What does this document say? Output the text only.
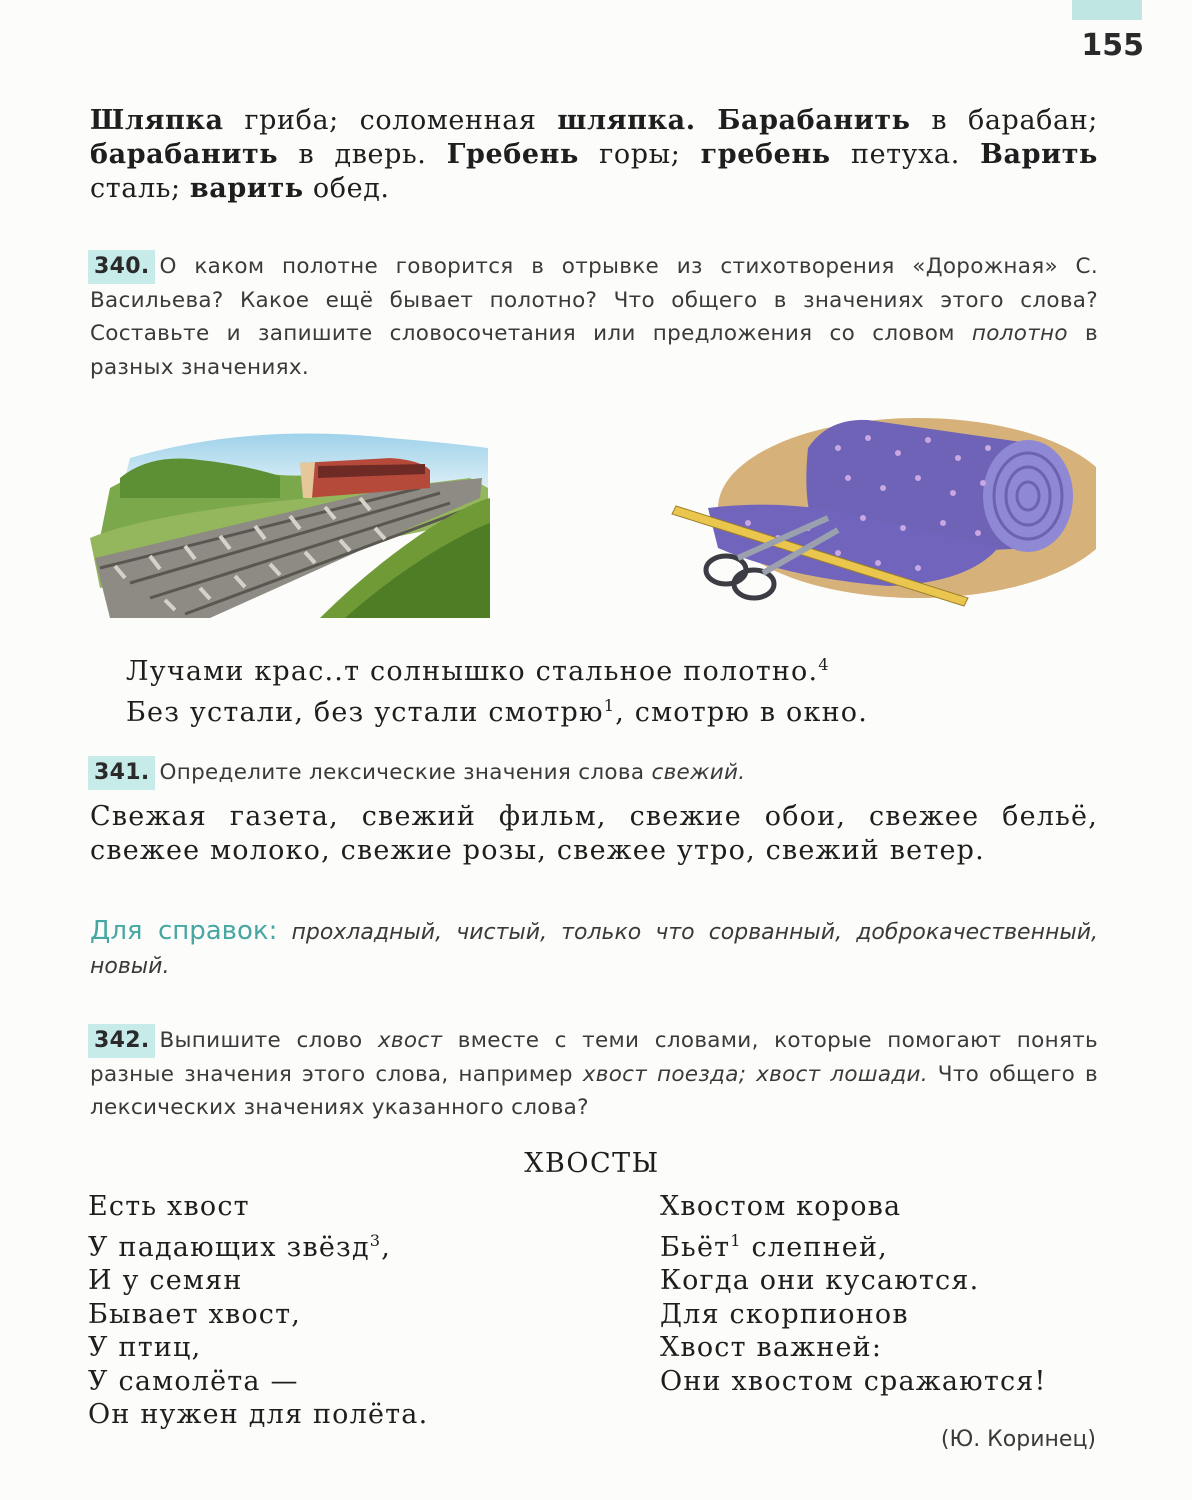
155
Шляпка гриба; соломенная шляпка. Барабанить в барабан; барабанить в дверь. Гребень горы; гребень петуха. Варить сталь; варить обед.
340. О каком полотне говорится в отрывке из стихотворения «Дорожная» С. Васильева? Какое ещё бывает полотно? Что общего в значениях этого слова? Составьте и запишите словосочетания или предложения со словом полотно в разных значениях.
Лучами крас..т солнышко стальное полотно.$^4$
Без устали, без устали смотрю$^1$, смотрю в окно.
341. Определите лексические значения слова свежий.
Свежая газета, свежий фильм, свежие обои, свежее бельё, свежее молоко, свежие розы, свежее утро, свежий ветер.
Для справок: прохладный, чистый, только что сорванный, доброкачественный, новый.
342. Выпишите слово хвост вместе с теми словами, которые помогают понять разные значения этого слова, например хвост поезда; хвост лошади. Что общего в лексических значениях указанного слова?
ХВОСТЫ
Есть хвост
У падающих звёзд$^3$,
И у семян
Бывает хвост,
У птиц,
У самолёта —
Он нужен для полёта.
Хвостом корова
Бьёт$^1$ слепней,
Когда они кусаются.
Для скорпионов
Хвост важней:
Они хвостом сражаются!
(Ю. Коринец)
